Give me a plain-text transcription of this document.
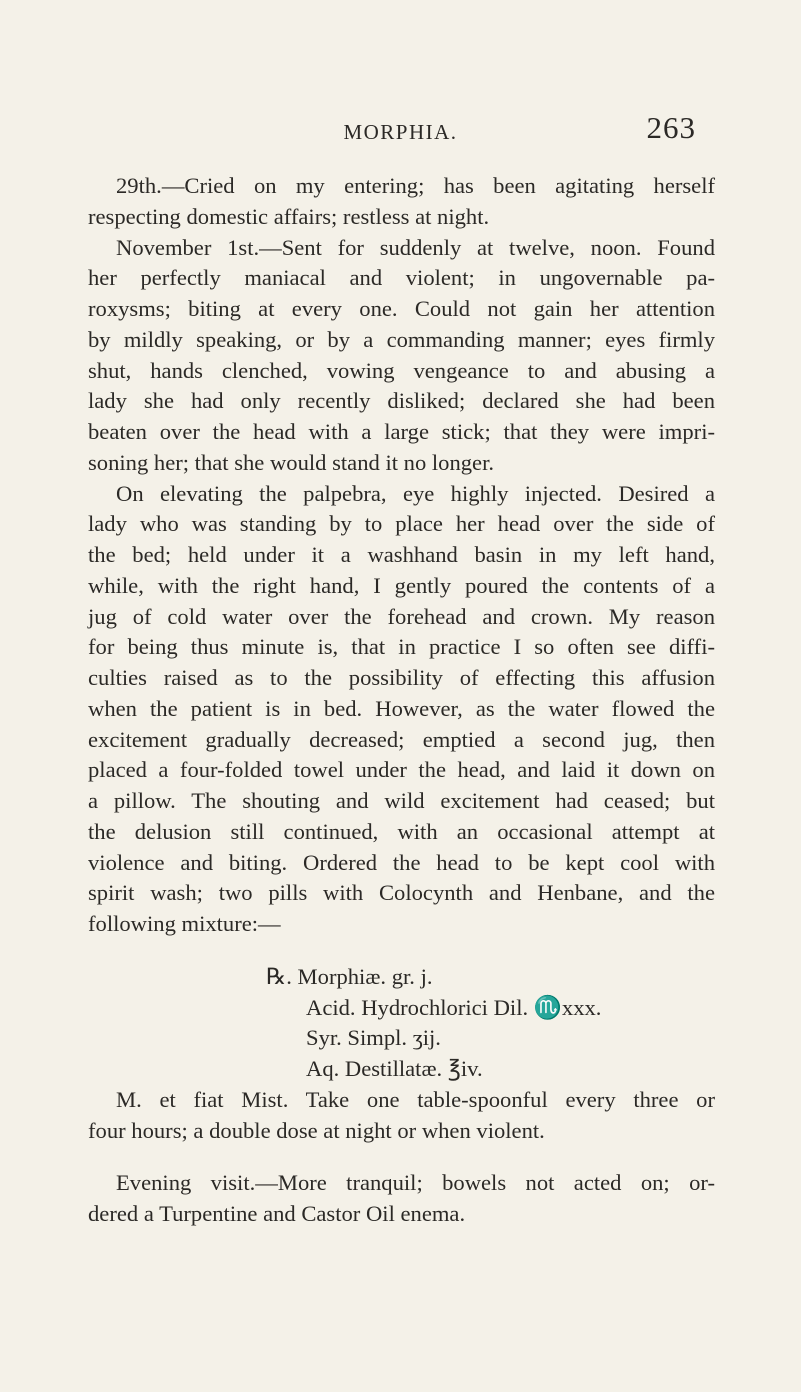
MORPHIA.	263
29th.—Cried on my entering; has been agitating herself
respecting domestic affairs; restless at night.
November 1st.—Sent for suddenly at twelve, noon. Found
her perfectly maniacal and violent; in ungovernable pa-
roxysms; biting at every one. Could not gain her attention
by mildly speaking, or by a commanding manner; eyes firmly
shut, hands clenched, vowing vengeance to and abusing a
lady she had only recently disliked; declared she had been
beaten over the head with a large stick; that they were impri-
soning her; that she would stand it no longer.
On elevating the palpebra, eye highly injected. Desired a
lady who was standing by to place her head over the side of
the bed; held under it a washhand basin in my left hand,
while, with the right hand, I gently poured the contents of a
jug of cold water over the forehead and crown. My reason
for being thus minute is, that in practice I so often see diffi-
culties raised as to the possibility of effecting this affusion
when the patient is in bed. However, as the water flowed the
excitement gradually decreased; emptied a second jug, then
placed a four-folded towel under the head, and laid it down on
a pillow. The shouting and wild excitement had ceased; but
the delusion still continued, with an occasional attempt at
violence and biting. Ordered the head to be kept cool with
spirit wash; two pills with Colocynth and Henbane, and the
following mixture:—
℞. Morphiæ. gr. j.
Acid. Hydrochlorici Dil. ♏xxx.
Syr. Simpl. ʒij.
Aq. Destillatæ. ℥iv.
M. et fiat Mist. Take one table-spoonful every three or
four hours; a double dose at night or when violent.
Evening visit.—More tranquil; bowels not acted on; or-
dered a Turpentine and Castor Oil enema.
